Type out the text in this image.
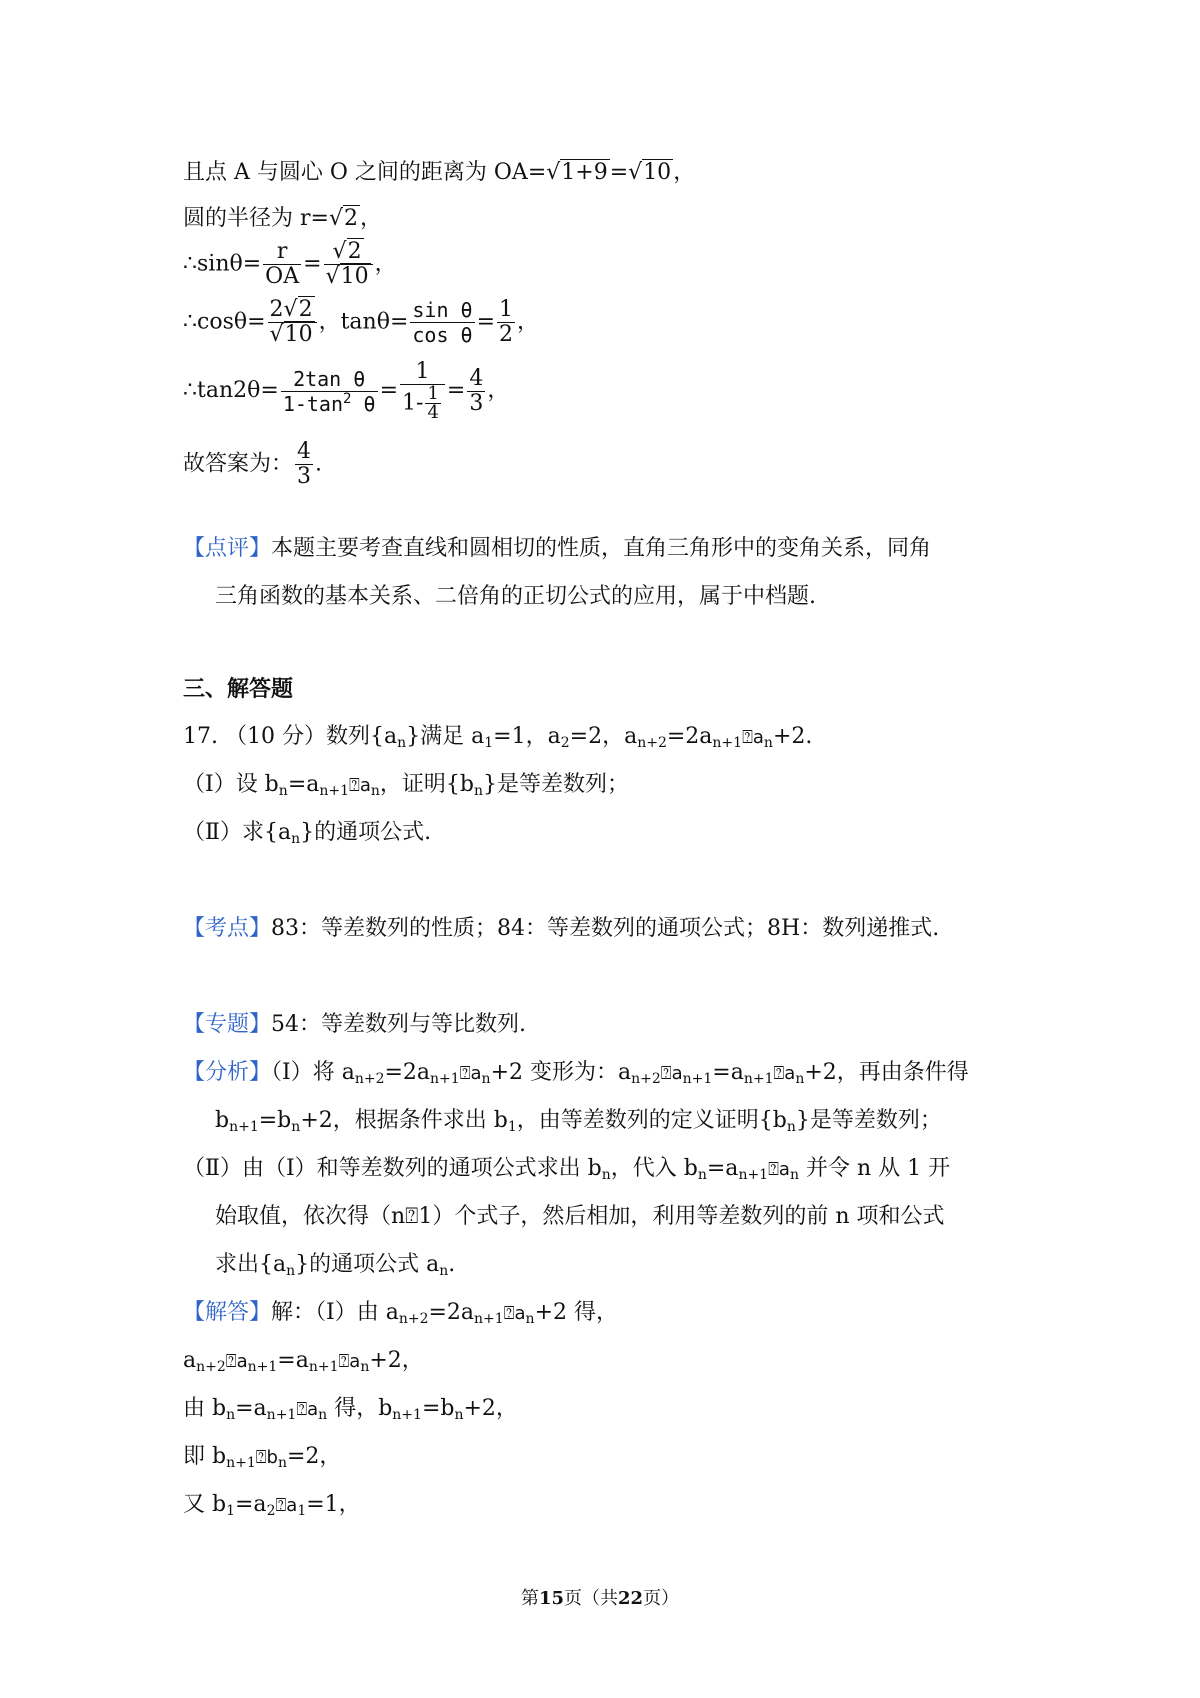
且点 A 与圆心 O 之间的距离为 OA=√1+9=√10，
圆的半径为 r=√2，
∴sinθ= $\frac{r}{OA} = \frac{√2}{√10}$ ，
∴cosθ= $\frac{2√2}{√10}$ ，$\tan\theta= \frac{\text{sin θ}}{\text{cos θ}} = \frac{1}{2}$ ，
∴tan2θ= $\frac{\text{2tan θ}}{1-\tan^2 \theta} = \frac{1}{1- \frac{1}{4}} = \frac{4}{3}$ ，
故答案为： $\frac{4}{3}$ .
【点评】本题主要考查直线和圆相切的性质，直角三角形中的变角关系，同角
三角函数的基本关系、二倍角的正切公式的应用，属于中档题.
三、解答题
17. （10 分）数列$\{a_n\}$满足 $a_1=1$，$a_2=2$，$a_{n+2}=2a_{n+1}⍰a_n+2$.
（Ⅰ）设 $b_n=a_{n+1}⍰a_n$，证明$\{b_n\}$是等差数列；
（Ⅱ）求$\{a_n\}$的通项公式.
【考点】83：等差数列的性质；84：等差数列的通项公式；8H：数列递推式.
【专题】54：等差数列与等比数列.
【分析】（Ⅰ）将 $a_{n+2}=2a_{n+1}⍰a_n+2$ 变形为：$a_{n+2}⍰a_{n+1}=a_{n+1}⍰a_n+2$，再由条件得
$b_{n+1}=b_n+2$，根据条件求出 $b_1$，由等差数列的定义证明$\{b_n\}$是等差数列；
（Ⅱ）由（Ⅰ）和等差数列的通项公式求出 $b_n$，代入 $b_n=a_{n+1}⍰a_n$ 并令 n 从 1 开
始取值，依次得（n⍰1）个式子，然后相加，利用等差数列的前 n 项和公式
求出$\{a_n\}$的通项公式 $a_n$.
【解答】解：（Ⅰ）由 $a_{n+2}=2a_{n+1}⍰a_n+2$ 得，
$a_{n+2}⍰a_{n+1}=a_{n+1}⍰a_n+2$，
由 $b_n=a_{n+1}⍰a_n$ 得，$b_{n+1}=b_n+2$，
即 $b_{n+1}⍰b_n=2$，
又 $b_1=a_2⍰a_1=1$，
第15页（共22页）
